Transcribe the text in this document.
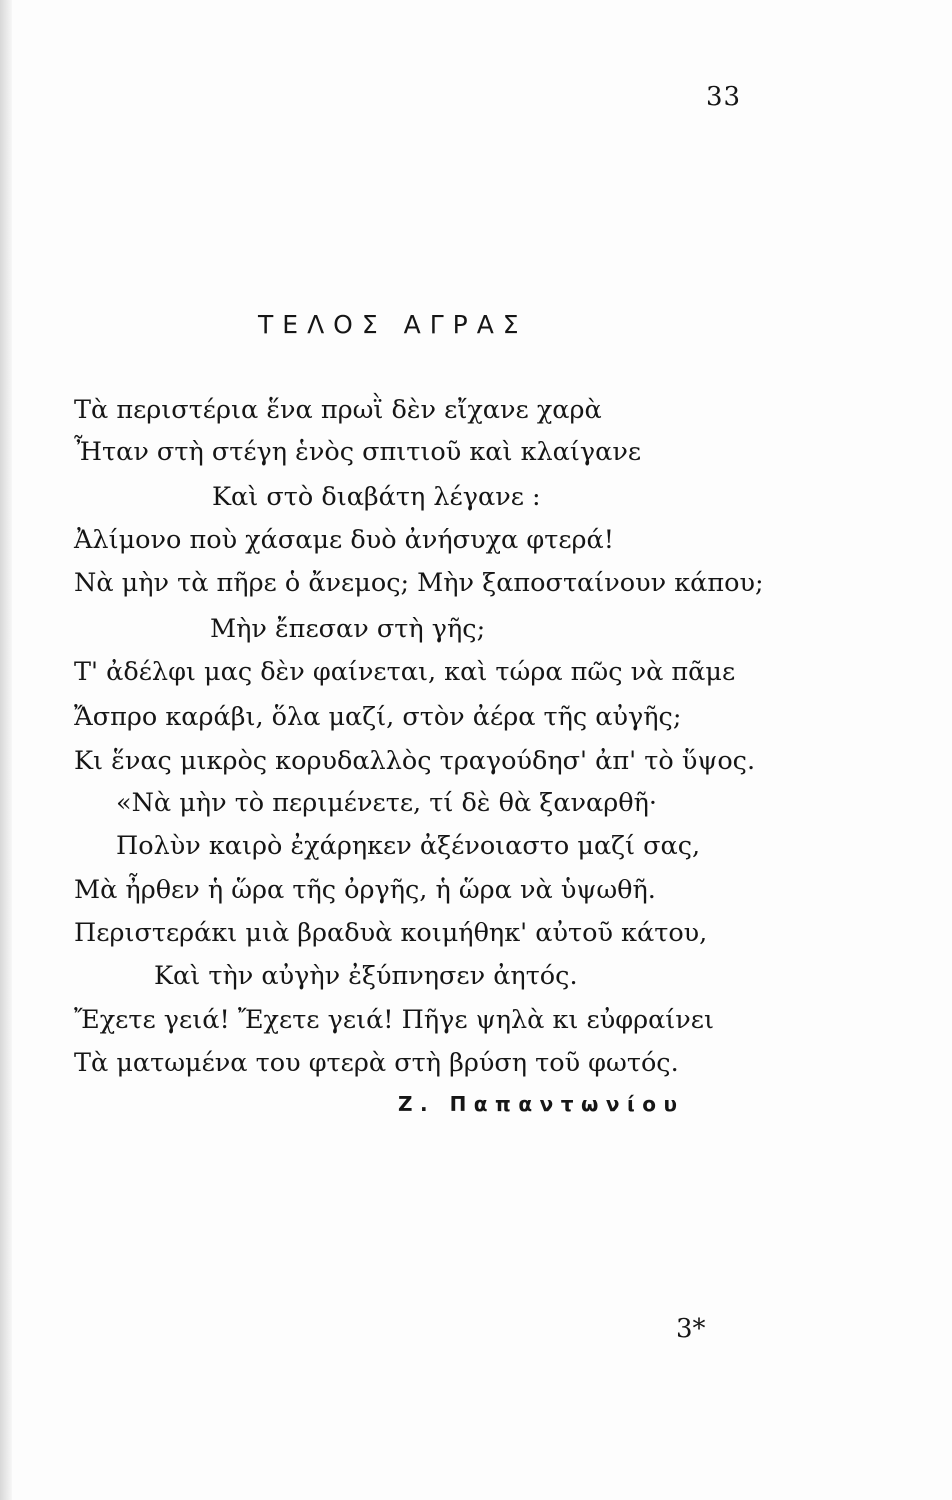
33
ΤΕΛΟΣ ΑΓΡΑΣ
Τὰ περιστέρια ἕνα πρωῒ δὲν εἴχανε χαρὰ
Ἦταν στὴ στέγη ἑνὸς σπιτιοῦ καὶ κλαίγανε
Καὶ στὸ διαβάτη λέγανε :
Ἀλίμονο ποὺ χάσαμε δυὸ ἀνήσυχα φτερά!
Νὰ μὴν τὰ πῆρε ὁ ἄνεμος; Μὴν ξαποσταίνουν κάπου;
Μὴν ἔπεσαν στὴ γῆς;
Τ' ἀδέλφι μας δὲν φαίνεται, καὶ τώρα πῶς νὰ πᾶμε
Ἄσπρο καράβι, ὅλα μαζί, στὸν ἀέρα τῆς αὐγῆς;
Κι ἕνας μικρὸς κορυδαλλὸς τραγούδησ' ἀπ' τὸ ὕψος.
«Νὰ μὴν τὸ περιμένετε, τί δὲ θὰ ξαναρθῆ·
Πολὺν καιρὸ ἐχάρηκεν ἀξένοιαστο μαζί σας,
Μὰ ἦρθεν ἡ ὥρα τῆς ὀργῆς, ἡ ὥρα νὰ ὑψωθῆ.
Περιστεράκι μιὰ βραδυὰ κοιμήθηκ' αὐτοῦ κάτου,
Καὶ τὴν αὐγὴν ἐξύπνησεν ἀητός.
Ἔχετε γειά! Ἔχετε γειά! Πῆγε ψηλὰ κι εὐφραίνει
Τὰ ματωμένα του φτερὰ στὴ βρύση τοῦ φωτός.
Ζ. Παπαντωνίου
3*
